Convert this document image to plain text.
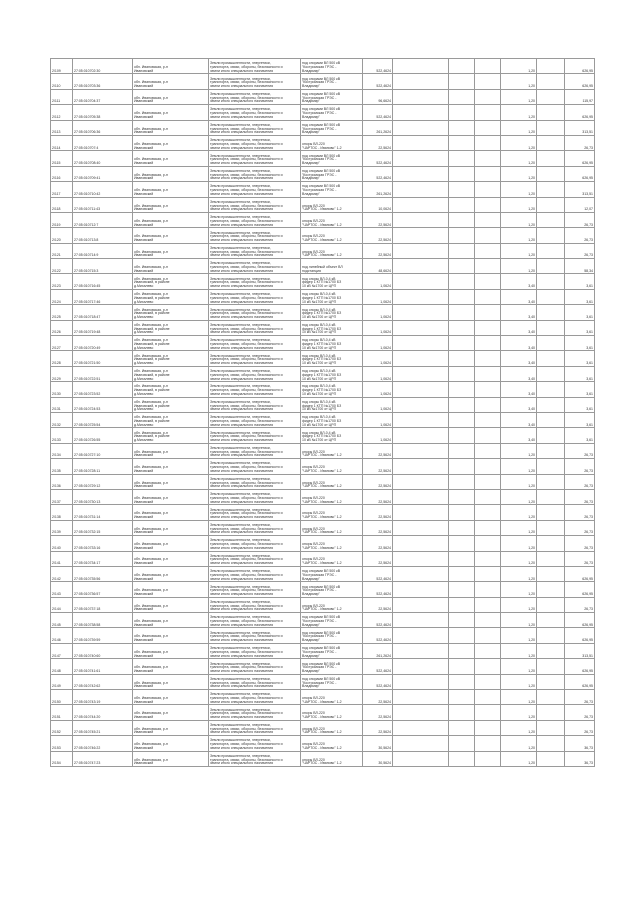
2/109	27:05:010702:30	обл. Ивановская, р-н
Ивановский	Земли промышленности, энергетики,
транспорта, связи, обороны, безопасности и
земли иного специального назначения	под опорами ВЛ 500 кВ
"Костромская ГРЭС -
Владимир"	522,4624				1,20		626,95
2/110	27:05:010703:36	обл. Ивановская, р-н
Ивановский	Земли промышленности, энергетики,
транспорта, связи, обороны, безопасности и
земли иного специального назначения	под опорами ВЛ 500 кВ
"Костромская ГРЭС -
Владимир"	522,4624				1,20		626,95
2/111	27:05:010704:37	обл. Ивановская, р-н
Ивановский	Земли промышленности, энергетики,
транспорта, связи, обороны, безопасности и
земли иного специального назначения	под опорами ВЛ 500 кВ
"Костромская ГРЭС -
Владимир"	96,6624				1,20		115,97
2/112	27:05:010705:38	обл. Ивановская, р-н
Ивановский	Земли промышленности, энергетики,
транспорта, связи, обороны, безопасности и
земли иного специального назначения	под опорами ВЛ 500 кВ
"Костромская ГРЭС -
Владимир"	522,4624				1,20		626,95
2/113	27:05:010706:36	обл. Ивановская, р-н
Ивановский	Земли промышленности, энергетики,
транспорта, связи, обороны, безопасности и
земли иного специального назначения	под опорами ВЛ 500 кВ
"Костромская ГРЭС -
Владимир"	261,2624				1,20		313,51
2/114	27:05:010707:4	обл. Ивановская, р-н
Ивановский	Земли промышленности, энергетики,
транспорта, связи, обороны, безопасности и
земли иного специального назначения	опоры ВЛ-220
"ЧАРТОС - Иваново" 1-2	22,5624				1,20		26,73
2/115	27:05:010708:40	обл. Ивановская, р-н
Ивановский	Земли промышленности, энергетики,
транспорта, связи, обороны, безопасности и
земли иного специального назначения	под опорами ВЛ 500 кВ
"Костромская ГРЭС -
Владимир"	522,4624				1,20		626,95
2/116	27:05:010709:41	обл. Ивановская, р-н
Ивановский	Земли промышленности, энергетики,
транспорта, связи, обороны, безопасности и
земли иного специального назначения	под опорами ВЛ 500 кВ
"Костромская ГРЭС -
Владимир"	522,4624				1,20		626,95
2/117	27:05:010710:42	обл. Ивановская, р-н
Ивановский	Земли промышленности, энергетики,
транспорта, связи, обороны, безопасности и
земли иного специального назначения	под опорами ВЛ 500 кВ
"Костромская ГРЭС -
Владимир"	261,2624				1,20		313,51
2/118	27:05:010711:43	обл. Ивановская, р-н
Ивановский	Земли промышленности, энергетики,
транспорта, связи, обороны, безопасности и
земли иного специального назначения	опоры ВЛ-220
"ЧАРТОС - Иваново" 1-2	10,0624				1,20		12,07
2/119	27:05:010712:7	обл. Ивановская, р-н
Ивановский	Земли промышленности, энергетики,
транспорта, связи, обороны, безопасности и
земли иного специального назначения	опоры ВЛ-220
"ЧАРТОС - Иваново" 1-2	22,5624				1,20		26,73
2/120	27:05:010713:8	обл. Ивановская, р-н
Ивановский	Земли промышленности, энергетики,
транспорта, связи, обороны, безопасности и
земли иного специального назначения	опоры ВЛ-220
"ЧАРТОС - Иваново" 1-2	22,5624				1,20		26,73
2/121	27:05:010714:9	обл. Ивановская, р-н
Ивановский	Земли промышленности, энергетики,
транспорта, связи, обороны, безопасности и
земли иного специального назначения	опоры ВЛ-220
"ЧАРТОС - Иваново" 1-2	22,5624				1,20		26,73
2/122	27:05:010715:3	обл. Ивановская, р-н
Ивановский	Земли промышленности, энергетики,
транспорта, связи, обороны, безопасности и
земли иного специального назначения	под линейный объект ВЛ
подстанция	48,6624				1,20		58,34
2/123	27:05:010716:45	обл. Ивановская, р-н
Ивановский, в районе
д.Михалево	Земли промышленности, энергетики,
транспорта, связи, обороны, безопасности и
земли иного специального назначения	под опоры ВЛ-0,4 кВ
фидер 1 КТП №1700 БЗ
10 кВ №1700 от ЦРП	1,0624				3,40		3,61
2/124	27:05:010717:46	обл. Ивановская, р-н
Ивановский, в районе
д.Михалево	Земли промышленности, энергетики,
транспорта, связи, обороны, безопасности и
земли иного специального назначения	под опоры ВЛ-0,4 кВ
фидер 1 КТП №1700 БЗ
10 кВ №1700 от ЦРП	1,0624				3,40		3,61
2/125	27:05:010718:47	обл. Ивановская, р-н
Ивановский, в районе
д.Михалево	Земли промышленности, энергетики,
транспорта, связи, обороны, безопасности и
земли иного специального назначения	под опоры ВЛ-0,4 кВ
фидер 1 КТП №1700 БЗ
10 кВ №1700 от ЦРП	1,0624				3,40		3,61
2/126	27:05:010719:48	обл. Ивановская, р-н
Ивановский, в районе
д.Михалево	Земли промышленности, энергетики,
транспорта, связи, обороны, безопасности и
земли иного специального назначения	под опоры ВЛ-0,4 кВ
фидер 1 КТП №1700 БЗ
10 кВ №1700 от ЦРП	1,0624				3,40		3,61
2/127	27:05:010720:49	обл. Ивановская, р-н
Ивановский, в районе
д.Михалево	Земли промышленности, энергетики,
транспорта, связи, обороны, безопасности и
земли иного специального назначения	под опоры ВЛ-0,4 кВ
фидер 1 КТП №1700 БЗ
10 кВ №1700 от ЦРП	1,0624				3,40		3,61
2/128	27:05:010721:50	обл. Ивановская, р-н
Ивановский, в районе
д.Михалево	Земли промышленности, энергетики,
транспорта, связи, обороны, безопасности и
земли иного специального назначения	под опоры ВЛ-0,4 кВ
фидер 1 КТП №1700 БЗ
10 кВ №1700 от ЦРП	1,0624				3,40		3,61
2/129	27:05:010722:51	обл. Ивановская, р-н
Ивановский, в районе
д.Михалево	Земли промышленности, энергетики,
транспорта, связи, обороны, безопасности и
земли иного специального назначения	под опоры ВЛ-0,4 кВ
фидер 1 КТП №1700 БЗ
10 кВ №1700 от ЦРП	1,0624				3,40		3,61
2/130	27:05:010723:52	обл. Ивановская, р-н
Ивановский, в районе
д.Михалево	Земли промышленности, энергетики,
транспорта, связи, обороны, безопасности и
земли иного специального назначения	под опоры ВЛ-0,4 кВ
фидер 1 КТП №1700 БЗ
10 кВ №1700 от ЦРП	1,0624				3,40		3,61
2/131	27:05:010724:53	обл. Ивановская, р-н
Ивановский, в районе
д.Михалево	Земли промышленности, энергетики,
транспорта, связи, обороны, безопасности и
земли иного специального назначения	под опоры ВЛ-0,4 кВ
фидер 1 КТП №1700 БЗ
10 кВ №1700 от ЦРП	1,0624				3,40		3,61
2/132	27:05:010725:54	обл. Ивановская, р-н
Ивановский, в районе
д.Михалево	Земли промышленности, энергетики,
транспорта, связи, обороны, безопасности и
земли иного специального назначения	под опоры ВЛ-0,4 кВ
фидер 1 КТП №1700 БЗ
10 кВ №1700 от ЦРП	1,0624				3,40		3,61
2/133	27:05:010726:55	обл. Ивановская, р-н
Ивановский, в районе
д.Михалево	Земли промышленности, энергетики,
транспорта, связи, обороны, безопасности и
земли иного специального назначения	под опоры ВЛ-0,4 кВ
фидер 1 КТП №1700 БЗ
10 кВ №1700 от ЦРП	1,0624				3,40		3,61
2/134	27:05:010727:10	обл. Ивановская, р-н
Ивановский	Земли промышленности, энергетики,
транспорта, связи, обороны, безопасности и
земли иного специального назначения	опоры ВЛ-220
"ЧАРТОС - Иваново" 1-2	22,5624				1,20		26,73
2/135	27:05:010728:11	обл. Ивановская, р-н
Ивановский	Земли промышленности, энергетики,
транспорта, связи, обороны, безопасности и
земли иного специального назначения	опоры ВЛ-220
"ЧАРТОС - Иваново" 1-2	22,5624				1,20		26,73
2/136	27:05:010729:12	обл. Ивановская, р-н
Ивановский	Земли промышленности, энергетики,
транспорта, связи, обороны, безопасности и
земли иного специального назначения	опоры ВЛ-220
"ЧАРТОС - Иваново" 1-2	22,5624				1,20		26,73
2/137	27:05:010730:13	обл. Ивановская, р-н
Ивановский	Земли промышленности, энергетики,
транспорта, связи, обороны, безопасности и
земли иного специального назначения	опоры ВЛ-220
"ЧАРТОС - Иваново" 1-2	22,5624				1,20		26,73
2/138	27:05:010731:14	обл. Ивановская, р-н
Ивановский	Земли промышленности, энергетики,
транспорта, связи, обороны, безопасности и
земли иного специального назначения	опоры ВЛ-220
"ЧАРТОС - Иваново" 1-2	22,5624				1,20		26,73
2/139	27:05:010732:15	обл. Ивановская, р-н
Ивановский	Земли промышленности, энергетики,
транспорта, связи, обороны, безопасности и
земли иного специального назначения	опоры ВЛ-220
"ЧАРТОС - Иваново" 1-2	22,5624				1,20		26,73
2/140	27:05:010733:16	обл. Ивановская, р-н
Ивановский	Земли промышленности, энергетики,
транспорта, связи, обороны, безопасности и
земли иного специального назначения	опоры ВЛ-220
"ЧАРТОС - Иваново" 1-2	22,5624				1,20		26,73
2/141	27:05:010734:17	обл. Ивановская, р-н
Ивановский	Земли промышленности, энергетики,
транспорта, связи, обороны, безопасности и
земли иного специального назначения	опоры ВЛ-220
"ЧАРТОС - Иваново" 1-2	22,5624				1,20		26,73
2/142	27:05:010735:56	обл. Ивановская, р-н
Ивановский	Земли промышленности, энергетики,
транспорта, связи, обороны, безопасности и
земли иного специального назначения	под опорами ВЛ 500 кВ
"Костромская ГРЭС -
Владимир"	522,4624				1,20		626,95
2/143	27:05:010736:57	обл. Ивановская, р-н
Ивановский	Земли промышленности, энергетики,
транспорта, связи, обороны, безопасности и
земли иного специального назначения	под опорами ВЛ 500 кВ
"Костромская ГРЭС -
Владимир"	522,4624				1,20		626,95
2/144	27:05:010737:18	обл. Ивановская, р-н
Ивановский	Земли промышленности, энергетики,
транспорта, связи, обороны, безопасности и
земли иного специального назначения	опоры ВЛ-220
"ЧАРТОС - Иваново" 1-2	22,5624				1,20		26,73
2/145	27:05:010738:58	обл. Ивановская, р-н
Ивановский	Земли промышленности, энергетики,
транспорта, связи, обороны, безопасности и
земли иного специального назначения	под опорами ВЛ 500 кВ
"Костромская ГРЭС -
Владимир"	522,4624				1,20		626,95
2/146	27:05:010739:59	обл. Ивановская, р-н
Ивановский	Земли промышленности, энергетики,
транспорта, связи, обороны, безопасности и
земли иного специального назначения	под опорами ВЛ 500 кВ
"Костромская ГРЭС -
Владимир"	522,4624				1,20		626,95
2/147	27:05:010740:60	обл. Ивановская, р-н
Ивановский	Земли промышленности, энергетики,
транспорта, связи, обороны, безопасности и
земли иного специального назначения	под опорами ВЛ 500 кВ
"Костромская ГРЭС -
Владимир"	261,2624				1,20		313,51
2/148	27:05:010741:61	обл. Ивановская, р-н
Ивановский	Земли промышленности, энергетики,
транспорта, связи, обороны, безопасности и
земли иного специального назначения	под опорами ВЛ 500 кВ
"Костромская ГРЭС -
Владимир"	522,4624				1,20		626,95
2/149	27:05:010742:62	обл. Ивановская, р-н
Ивановский	Земли промышленности, энергетики,
транспорта, связи, обороны, безопасности и
земли иного специального назначения	под опорами ВЛ 500 кВ
"Костромская ГРЭС -
Владимир"	522,4624				1,20		626,95
2/150	27:05:010743:19	обл. Ивановская, р-н
Ивановский	Земли промышленности, энергетики,
транспорта, связи, обороны, безопасности и
земли иного специального назначения	опоры ВЛ-220
"ЧАРТОС - Иваново" 1-2	22,5624				1,20		26,73
2/151	27:05:010744:20	обл. Ивановская, р-н
Ивановский	Земли промышленности, энергетики,
транспорта, связи, обороны, безопасности и
земли иного специального назначения	опоры ВЛ-220
"ЧАРТОС - Иваново" 1-2	22,5624				1,20		26,73
2/152	27:05:010745:21	обл. Ивановская, р-н
Ивановский	Земли промышленности, энергетики,
транспорта, связи, обороны, безопасности и
земли иного специального назначения	опоры ВЛ-220
"ЧАРТОС - Иваново" 1-2	22,5624				1,20		26,73
2/153	27:05:010746:22	обл. Ивановская, р-н
Ивановский	Земли промышленности, энергетики,
транспорта, связи, обороны, безопасности и
земли иного специального назначения	опоры ВЛ-220
"ЧАРТОС - Иваново" 1-2	30,5624				1,20		36,73
2/154	27:05:010747:23	обл. Ивановская, р-н
Ивановский	Земли промышленности, энергетики,
транспорта, связи, обороны, безопасности и
земли иного специального назначения	опоры ВЛ-220
"ЧАРТОС - Иваново" 1-2	30,5624				1,20		36,73
